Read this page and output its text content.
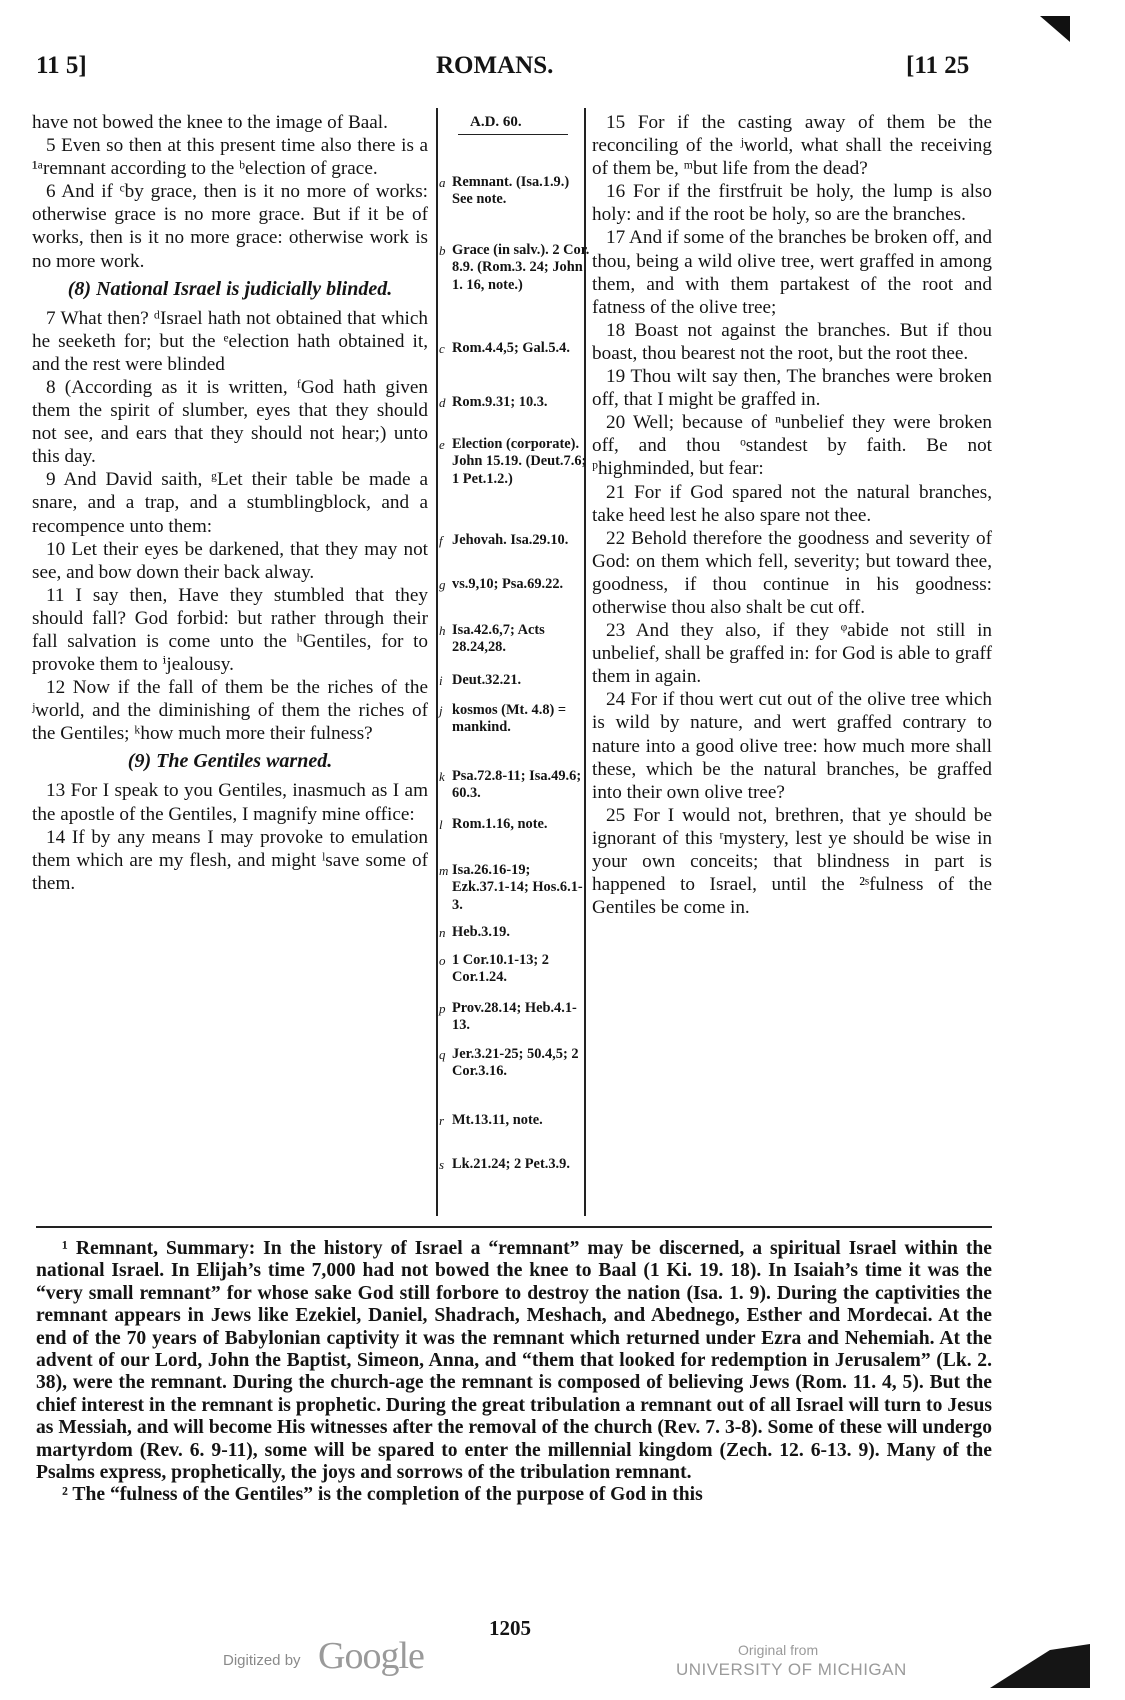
11 5]	ROMANS.	[11 25

have not bowed the knee to the image of Baal.

5 Even so then at this present time also there is a ¹ᵃremnant according to the ᵇelection of grace.

6 And if ᶜby grace, then is it no more of works: otherwise grace is no more grace. But if it be of works, then is it no more grace: otherwise work is no more work.

(8) National Israel is judicially blinded.

7 What then? ᵈIsrael hath not obtained that which he seeketh for; but the ᵉelection hath obtained it, and the rest were blinded

8 (According as it is written, ᶠGod hath given them the spirit of slumber, eyes that they should not see, and ears that they should not hear;) unto this day.

9 And David saith, ᵍLet their table be made a snare, and a trap, and a stumblingblock, and a recompence unto them:

10 Let their eyes be darkened, that they may not see, and bow down their back alway.

11 I say then, Have they stumbled that they should fall? God forbid: but rather through their fall salvation is come unto the ʰGentiles, for to provoke them to ⁱjealousy.

12 Now if the fall of them be the riches of the ʲworld, and the diminishing of them the riches of the Gentiles; ᵏhow much more their fulness?

(9) The Gentiles warned.

13 For I speak to you Gentiles, inasmuch as I am the apostle of the Gentiles, I magnify mine office:

14 If by any means I may provoke to emulation them which are my flesh, and might ˡsave some of them.

A.D. 60.
a Remnant. (Isa.1.9.) See note.
b Grace (in salv.). 2 Cor. 8.9. (Rom.3. 24; John 1. 16, note.)
c Rom.4.4,5; Gal.5.4.
d Rom.9.31; 10.3.
e Election (corporate). John 15.19. (Deut.7.6; 1 Pet.1.2.)
f Jehovah. Isa.29.10.
g vs.9,10; Psa.69.22.
h Isa.42.6,7; Acts 28.24,28.
i Deut.32.21.
j kosmos (Mt. 4.8) = mankind.
k Psa.72.8-11; Isa.49.6; 60.3.
l Rom.1.16, note.
m Isa.26.16-19; Ezk.37.1-14; Hos.6.1-3.
n Heb.3.19.
o 1 Cor.10.1-13; 2 Cor.1.24.
p Prov.28.14; Heb.4.1-13.
q Jer.3.21-25; 50.4,5; 2 Cor.3.16.
r Mt.13.11, note.
s Lk.21.24; 2 Pet.3.9.

15 For if the casting away of them be the reconciling of the ʲworld, what shall the receiving of them be, ᵐbut life from the dead?

16 For if the firstfruit be holy, the lump is also holy: and if the root be holy, so are the branches.

17 And if some of the branches be broken off, and thou, being a wild olive tree, wert graffed in among them, and with them partakest of the root and fatness of the olive tree;

18 Boast not against the branches. But if thou boast, thou bearest not the root, but the root thee.

19 Thou wilt say then, The branches were broken off, that I might be graffed in.

20 Well; because of ⁿunbelief they were broken off, and thou ᵒstandest by faith. Be not ᵖhighminded, but fear:

21 For if God spared not the natural branches, take heed lest he also spare not thee.

22 Behold therefore the goodness and severity of God: on them which fell, severity; but toward thee, goodness, if thou continue in his goodness: otherwise thou also shalt be cut off.

23 And they also, if they ᵠabide not still in unbelief, shall be graffed in: for God is able to graff them in again.

24 For if thou wert cut out of the olive tree which is wild by nature, and wert graffed contrary to nature into a good olive tree: how much more shall these, which be the natural branches, be graffed into their own olive tree?

25 For I would not, brethren, that ye should be ignorant of this ʳmystery, lest ye should be wise in your own conceits; that blindness in part is happened to Israel, until the ²ˢfulness of the Gentiles be come in.

¹ Remnant, Summary: In the history of Israel a “remnant” may be discerned, a spiritual Israel within the national Israel. In Elijah’s time 7,000 had not bowed the knee to Baal (1 Ki. 19. 18). In Isaiah’s time it was the “very small remnant” for whose sake God still forbore to destroy the nation (Isa. 1. 9). During the captivities the remnant appears in Jews like Ezekiel, Daniel, Shadrach, Meshach, and Abednego, Esther and Mordecai. At the end of the 70 years of Babylonian captivity it was the remnant which returned under Ezra and Nehemiah. At the advent of our Lord, John the Baptist, Simeon, Anna, and “them that looked for redemption in Jerusalem” (Lk. 2. 38), were the remnant. During the church-age the remnant is composed of believing Jews (Rom. 11. 4, 5). But the chief interest in the remnant is prophetic. During the great tribulation a remnant out of all Israel will turn to Jesus as Messiah, and will become His witnesses after the removal of the church (Rev. 7. 3-8). Some of these will undergo martyrdom (Rev. 6. 9-11), some will be spared to enter the millennial kingdom (Zech. 12. 6-13. 9). Many of the Psalms express, prophetically, the joys and sorrows of the tribulation remnant.

² The “fulness of the Gentiles” is the completion of the purpose of God in this

1205
Digitized by Google	Original from
UNIVERSITY OF MICHIGAN
